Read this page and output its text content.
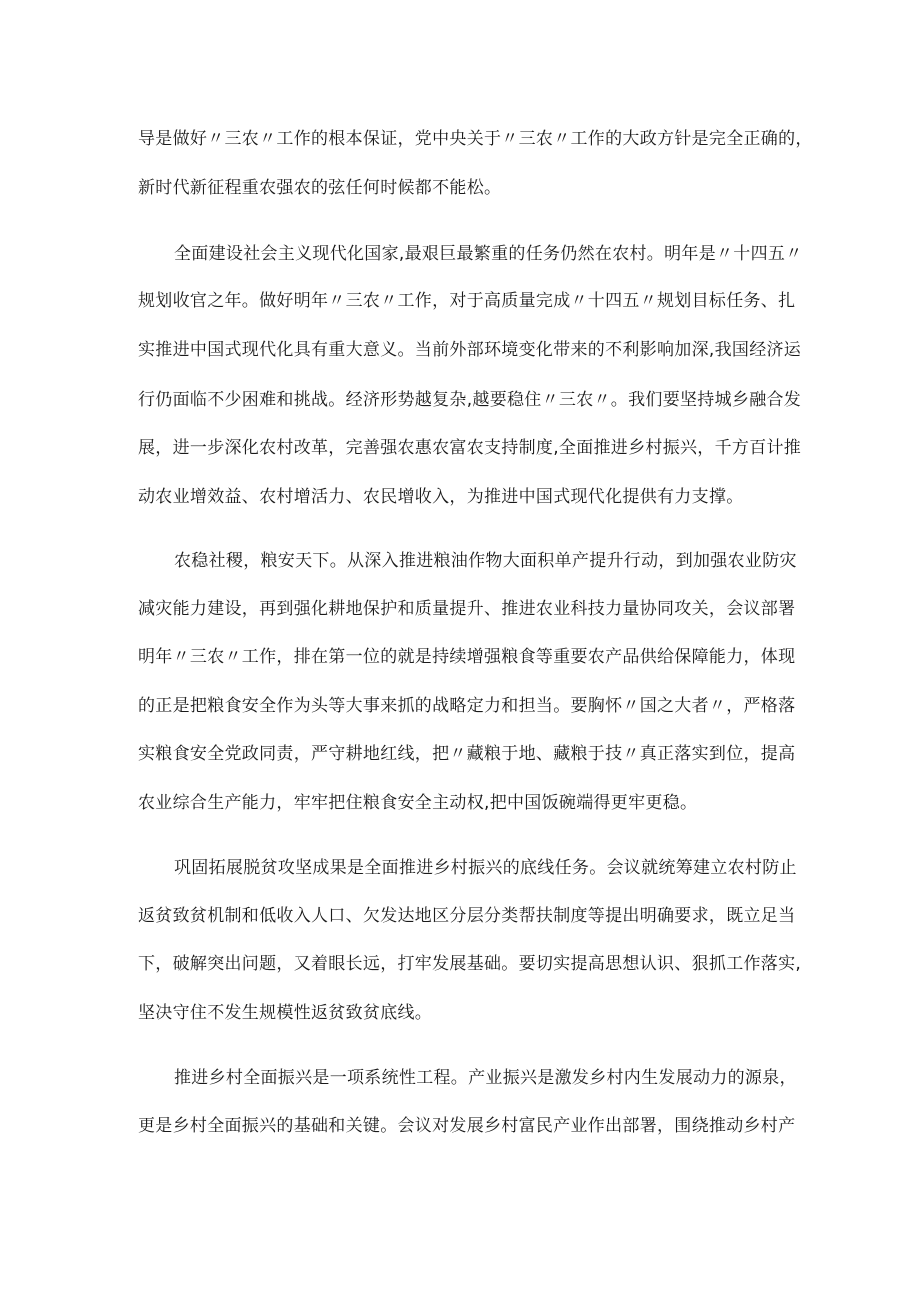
导是做好〃三农〃工作的根本保证，党中央关于〃三农〃工作的大政方针是完全正确的，
新时代新征程重农强农的弦任何时候都不能松。
全面建设社会主义现代化国家,最艰巨最繁重的任务仍然在农村。明年是〃十四五〃
规划收官之年。做好明年〃三农〃工作，对于高质量完成〃十四五〃规划目标任务、扎
实推进中国式现代化具有重大意义。当前外部环境变化带来的不利影响加深,我国经济运
行仍面临不少困难和挑战。经济形势越复杂,越要稳住〃三农〃。我们要坚持城乡融合发
展，进一步深化农村改革，完善强农惠农富农支持制度,全面推进乡村振兴，千方百计推
动农业增效益、农村增活力、农民增收入，为推进中国式现代化提供有力支撑。
农稳社稷，粮安天下。从深入推进粮油作物大面积单产提升行动，到加强农业防灾
减灾能力建设，再到强化耕地保护和质量提升、推进农业科技力量协同攻关，会议部署
明年〃三农〃工作，排在第一位的就是持续增强粮食等重要农产品供给保障能力，体现
的正是把粮食安全作为头等大事来抓的战略定力和担当。要胸怀〃国之大者〃，严格落
实粮食安全党政同责，严守耕地红线，把〃藏粮于地、藏粮于技〃真正落实到位，提高
农业综合生产能力，牢牢把住粮食安全主动权,把中国饭碗端得更牢更稳。
巩固拓展脱贫攻坚成果是全面推进乡村振兴的底线任务。会议就统筹建立农村防止
返贫致贫机制和低收入人口、欠发达地区分层分类帮扶制度等提出明确要求，既立足当
下，破解突出问题，又着眼长远，打牢发展基础。要切实提高思想认识、狠抓工作落实,
坚决守住不发生规模性返贫致贫底线。
推进乡村全面振兴是一项系统性工程。产业振兴是激发乡村内生发展动力的源泉，
更是乡村全面振兴的基础和关键。会议对发展乡村富民产业作出部署，围绕推动乡村产
